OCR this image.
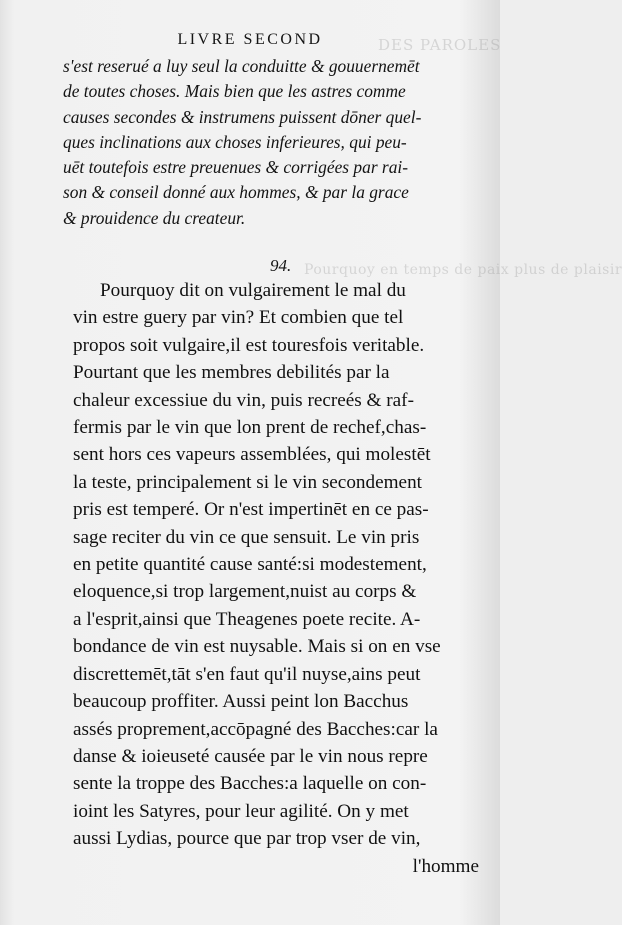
DES PAROLES
Pourquoy en temps de paix plus de plaisir
LIVRE SECOND
s'est reserué a luy seul la conduitte & gouuernemēt
de toutes choses. Mais bien que les astres comme
causes secondes & instrumens puissent dōner quel-
ques inclinations aux choses inferieures, qui peu-
uēt toutefois estre preuenues & corrigées par rai-
son & conseil donné aux hommes, & par la grace
& prouidence du createur.
94.
Pourquoy dit on vulgairement le mal du
vin estre guery par vin? Et combien que tel
propos soit vulgaire,il est touresfois veritable.
Pourtant que les membres debilités par la
chaleur excessiue du vin, puis recreés & raf-
fermis par le vin que lon prent de rechef,chas-
sent hors ces vapeurs assemblées, qui molestēt
la teste, principalement si le vin secondement
pris est temperé. Or n'est impertinēt en ce pas-
sage reciter du vin ce que sensuit. Le vin pris
en petite quantité cause santé:si modestement,
eloquence,si trop largement,nuist au corps &
a l'esprit,ainsi que Theagenes poete recite. A-
bondance de vin est nuysable. Mais si on en vse
discrettemēt,tāt s'en faut qu'il nuyse,ains peut
beaucoup proffiter. Aussi peint lon Bacchus
assés proprement,accōpagné des Bacches:car la
danse & ioieuseté causée par le vin nous repre
sente la troppe des Bacches:a laquelle on con-
ioint les Satyres, pour leur agilité. On y met
aussi Lydias, pource que par trop vser de vin,
l'homme
